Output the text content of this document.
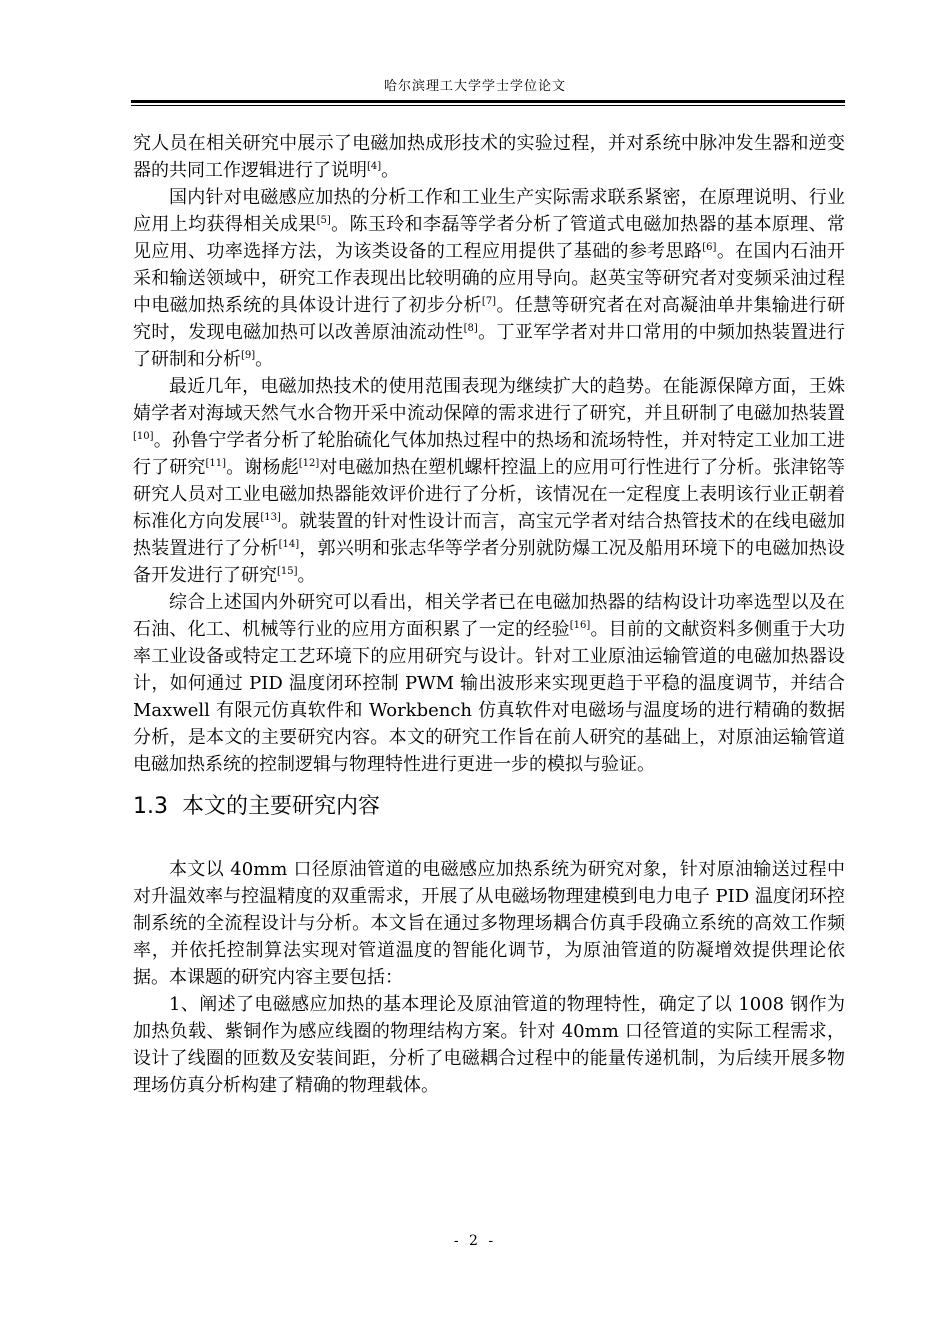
哈尔滨理工大学学士学位论文

究人员在相关研究中展示了电磁加热成形技术的实验过程，并对系统中脉冲发生器和逆变器的共同工作逻辑进行了说明[4]。

国内针对电磁感应加热的分析工作和工业生产实际需求联系紧密，在原理说明、行业应用上均获得相关成果[5]。陈玉玲和李磊等学者分析了管道式电磁加热器的基本原理、常见应用、功率选择方法，为该类设备的工程应用提供了基础的参考思路[6]。在国内石油开采和输送领域中，研究工作表现出比较明确的应用导向。赵英宝等研究者对变频采油过程中电磁加热系统的具体设计进行了初步分析[7]。任慧等研究者在对高凝油单井集输进行研究时，发现电磁加热可以改善原油流动性[8]。丁亚军学者对井口常用的中频加热装置进行了研制和分析[9]。

最近几年，电磁加热技术的使用范围表现为继续扩大的趋势。在能源保障方面，王姝婧学者对海域天然气水合物开采中流动保障的需求进行了研究，并且研制了电磁加热装置[10]。孙鲁宁学者分析了轮胎硫化气体加热过程中的热场和流场特性，并对特定工业加工进行了研究[11]。谢杨彪[12]对电磁加热在塑机螺杆控温上的应用可行性进行了分析。张津铭等研究人员对工业电磁加热器能效评价进行了分析，该情况在一定程度上表明该行业正朝着标准化方向发展[13]。就装置的针对性设计而言，高宝元学者对结合热管技术的在线电磁加热装置进行了分析[14]，郭兴明和张志华等学者分别就防爆工况及船用环境下的电磁加热设备开发进行了研究[15]。

综合上述国内外研究可以看出，相关学者已在电磁加热器的结构设计功率选型以及在石油、化工、机械等行业的应用方面积累了一定的经验[16]。目前的文献资料多侧重于大功率工业设备或特定工艺环境下的应用研究与设计。针对工业原油运输管道的电磁加热器设计，如何通过 PID 温度闭环控制 PWM 输出波形来实现更趋于平稳的温度调节，并结合 Maxwell 有限元仿真软件和 Workbench 仿真软件对电磁场与温度场的进行精确的数据分析，是本文的主要研究内容。本文的研究工作旨在前人研究的基础上，对原油运输管道电磁加热系统的控制逻辑与物理特性进行更进一步的模拟与验证。

1.3 本文的主要研究内容

本文以 40mm 口径原油管道的电磁感应加热系统为研究对象，针对原油输送过程中对升温效率与控温精度的双重需求，开展了从电磁场物理建模到电力电子 PID 温度闭环控制系统的全流程设计与分析。本文旨在通过多物理场耦合仿真手段确立系统的高效工作频率，并依托控制算法实现对管道温度的智能化调节，为原油管道的防凝增效提供理论依据。本课题的研究内容主要包括：

1、阐述了电磁感应加热的基本理论及原油管道的物理特性，确定了以 1008 钢作为加热负载、紫铜作为感应线圈的物理结构方案。针对 40mm 口径管道的实际工程需求，设计了线圈的匝数及安装间距，分析了电磁耦合过程中的能量传递机制，为后续开展多物理场仿真分析构建了精确的物理载体。

- 2 -
